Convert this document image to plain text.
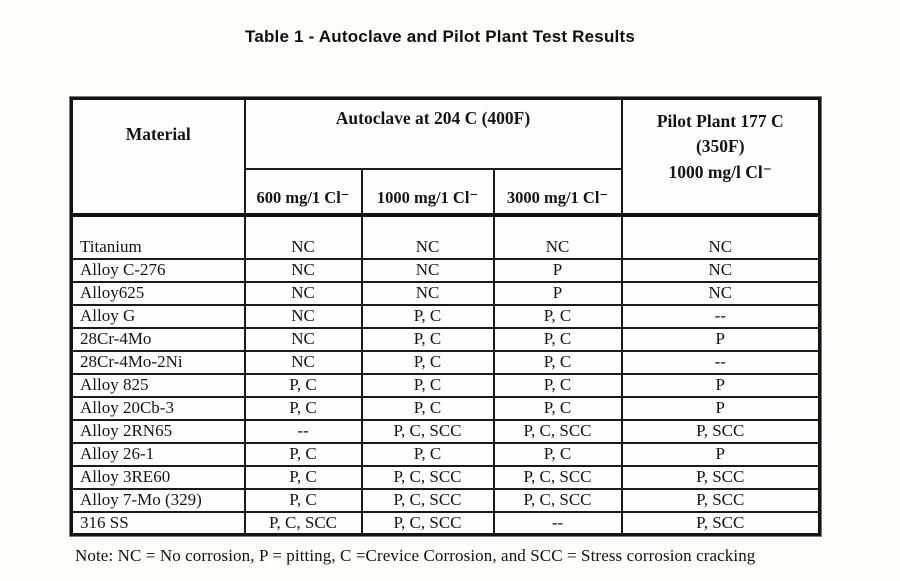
Table 1 - Autoclave and Pilot Plant Test Results
Material	Autoclave at 204 C (400F)			Pilot Plant 177 C
(350F)
1000 mg/l Cl⁻

	600 mg/1 Cl⁻	1000 mg/1 Cl⁻	3000 mg/1 Cl⁻	
Titanium	NC	NC	NC	NC
Alloy C-276	NC	NC	P	NC
Alloy625	NC	NC	P	NC
Alloy G	NC	P, C	P, C	--
28Cr-4Mo	NC	P, C	P, C	P
28Cr-4Mo-2Ni	NC	P, C	P, C	--
Alloy 825	P, C	P, C	P, C	P
Alloy 20Cb-3	P, C	P, C	P, C	P
Alloy 2RN65	--	P, C, SCC	P, C, SCC	P, SCC
Alloy 26-1	P, C	P, C	P, C	P
Alloy 3RE60	P, C	P, C, SCC	P, C, SCC	P, SCC
Alloy 7-Mo (329)	P, C	P, C, SCC	P, C, SCC	P, SCC
316 SS	P, C, SCC	P, C, SCC	--	P, SCC
Note: NC = No corrosion, P = pitting, C =Crevice Corrosion, and SCC = Stress corrosion cracking
